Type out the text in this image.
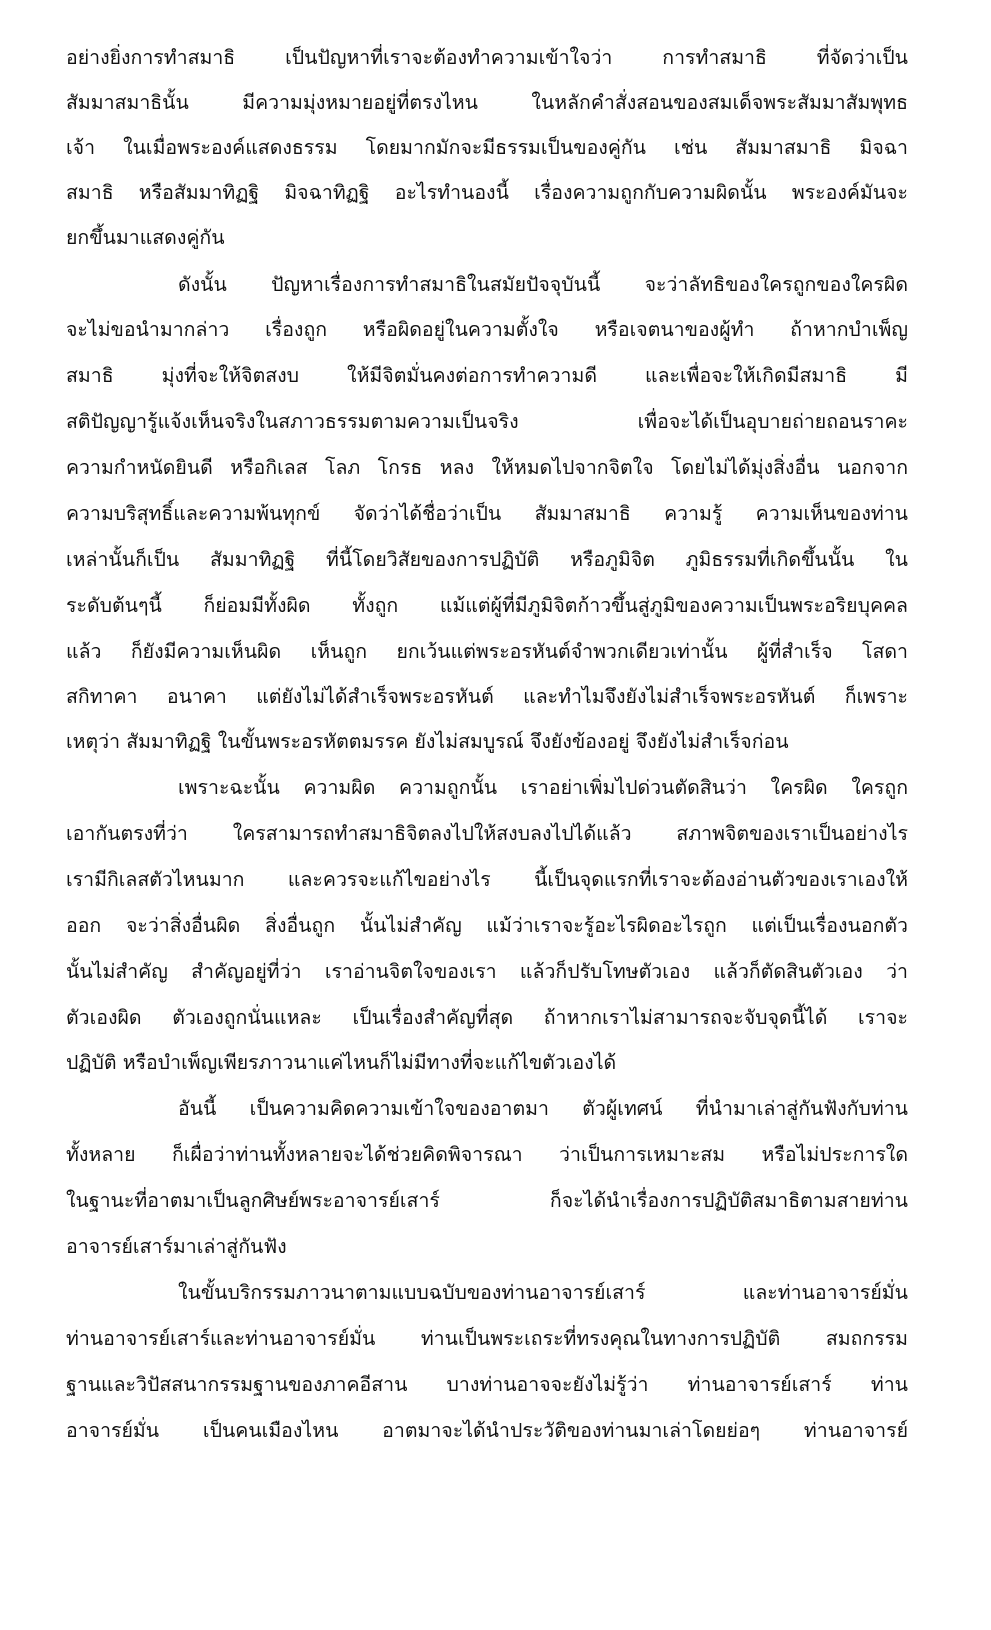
อย่างยิ่งการทำสมาธิ เป็นปัญหาที่เราจะต้องทำความเข้าใจว่า การทำสมาธิ ที่จัดว่าเป็น
สัมมาสมาธินั้น มีความมุ่งหมายอยู่ที่ตรงไหน ในหลักคำสั่งสอนของสมเด็จพระสัมมาสัมพุทธ
เจ้า ในเมื่อพระองค์แสดงธรรม โดยมากมักจะมีธรรมเป็นของคู่กัน เช่น สัมมาสมาธิ มิจฉา
สมาธิ หรือสัมมาทิฏฐิ มิจฉาทิฏฐิ อะไรทำนองนี้ เรื่องความถูกกับความผิดนั้น พระองค์มันจะ
ยกขึ้นมาแสดงคู่กัน
ดังนั้น ปัญหาเรื่องการทำสมาธิในสมัยปัจจุบันนี้ จะว่าลัทธิของใครถูกของใครผิด
จะไม่ขอนำมากล่าว เรื่องถูก หรือผิดอยู่ในความตั้งใจ หรือเจตนาของผู้ทำ ถ้าหากบำเพ็ญ
สมาธิ มุ่งที่จะให้จิตสงบ ให้มีจิตมั่นคงต่อการทำความดี และเพื่อจะให้เกิดมีสมาธิ มี
สติปัญญารู้แจ้งเห็นจริงในสภาวธรรมตามความเป็นจริง เพื่อจะได้เป็นอุบายถ่ายถอนราคะ
ความกำหนัดยินดี หรือกิเลส โลภ โกรธ หลง ให้หมดไปจากจิตใจ โดยไม่ได้มุ่งสิ่งอื่น นอกจาก
ความบริสุทธิ์และความพ้นทุกข์ จัดว่าได้ชื่อว่าเป็น สัมมาสมาธิ ความรู้ ความเห็นของท่าน
เหล่านั้นก็เป็น สัมมาทิฏฐิ ที่นี้โดยวิสัยของการปฏิบัติ หรือภูมิจิต ภูมิธรรมที่เกิดขึ้นนั้น ใน
ระดับต้นๆนี้ ก็ย่อมมีทั้งผิด ทั้งถูก แม้แต่ผู้ที่มีภูมิจิตก้าวขึ้นสู่ภูมิของความเป็นพระอริยบุคคล
แล้ว ก็ยังมีความเห็นผิด เห็นถูก ยกเว้นแต่พระอรหันต์จำพวกเดียวเท่านั้น ผู้ที่สำเร็จ โสดา
สกิทาคา อนาคา แต่ยังไม่ได้สำเร็จพระอรหันต์ และทำไมจึงยังไม่สำเร็จพระอรหันต์ ก็เพราะ
เหตุว่า สัมมาทิฏฐิ ในขั้นพระอรหัตตมรรค ยังไม่สมบูรณ์ จึงยังข้องอยู่ จึงยังไม่สำเร็จก่อน
เพราะฉะนั้น ความผิด ความถูกนั้น เราอย่าเพิ่มไปด่วนตัดสินว่า ใครผิด ใครถูก
เอากันตรงที่ว่า ใครสามารถทำสมาธิจิตลงไปให้สงบลงไปได้แล้ว สภาพจิตของเราเป็นอย่างไร
เรามีกิเลสตัวไหนมาก และควรจะแก้ไขอย่างไร นี้เป็นจุดแรกที่เราจะต้องอ่านตัวของเราเองให้
ออก จะว่าสิ่งอื่นผิด สิ่งอื่นถูก นั้นไม่สำคัญ แม้ว่าเราจะรู้อะไรผิดอะไรถูก แต่เป็นเรื่องนอกตัว
นั้นไม่สำคัญ สำคัญอยู่ที่ว่า เราอ่านจิตใจของเรา แล้วก็ปรับโทษตัวเอง แล้วก็ตัดสินตัวเอง ว่า
ตัวเองผิด ตัวเองถูกนั่นแหละ เป็นเรื่องสำคัญที่สุด ถ้าหากเราไม่สามารถจะจับจุดนี้ได้ เราจะ
ปฏิบัติ หรือบำเพ็ญเพียรภาวนาแค่ไหนก็ไม่มีทางที่จะแก้ไขตัวเองได้
อันนี้ เป็นความคิดความเข้าใจของอาตมา ตัวผู้เทศน์ ที่นำมาเล่าสู่กันฟังกับท่าน
ทั้งหลาย ก็เผื่อว่าท่านทั้งหลายจะได้ช่วยคิดพิจารณา ว่าเป็นการเหมาะสม หรือไม่ประการใด
ในฐานะที่อาตมาเป็นลูกศิษย์พระอาจารย์เสาร์ ก็จะได้นำเรื่องการปฏิบัติสมาธิตามสายท่าน
อาจารย์เสาร์มาเล่าสู่กันฟัง
ในขั้นบริกรรมภาวนาตามแบบฉบับของท่านอาจารย์เสาร์ และท่านอาจารย์มั่น
ท่านอาจารย์เสาร์และท่านอาจารย์มั่น ท่านเป็นพระเถระที่ทรงคุณในทางการปฏิบัติ สมถกรรม
ฐานและวิปัสสนากรรมฐานของภาคอีสาน บางท่านอาจจะยังไม่รู้ว่า ท่านอาจารย์เสาร์ ท่าน
อาจารย์มั่น เป็นคนเมืองไหน อาตมาจะได้นำประวัติของท่านมาเล่าโดยย่อๆ ท่านอาจารย์
